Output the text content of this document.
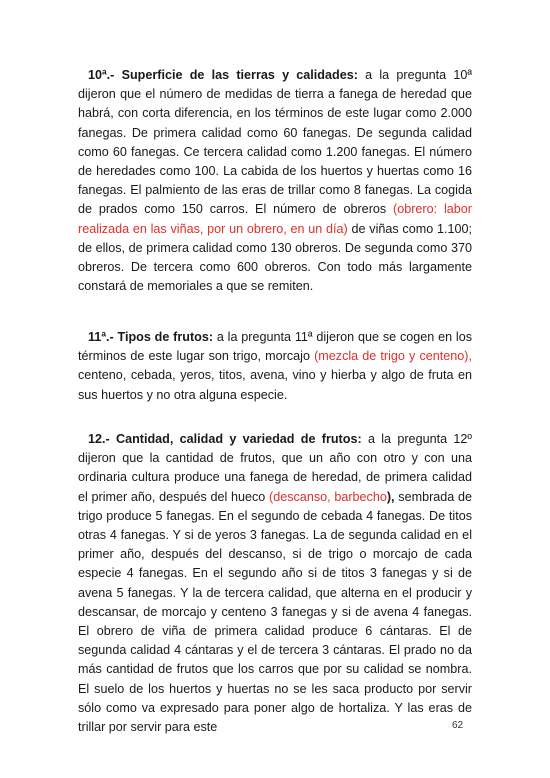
10ª.- Superficie de las tierras y calidades: a la pregunta 10ª dijeron que el número de medidas de tierra a fanega de heredad que habrá, con corta diferencia, en los términos de este lugar como 2.000 fanegas. De primera calidad como 60 fanegas. De segunda calidad como 60 fanegas. Ce tercera calidad como 1.200 fanegas. El número de heredades como 100. La cabida de los huertos y huertas como 16 fanegas. El palmiento de las eras de trillar como 8 fanegas. La cogida de prados como 150 carros. El número de obreros (obrero: labor realizada en las viñas, por un obrero, en un día) de viñas como 1.100; de ellos, de primera calidad como 130 obreros. De segunda como 370 obreros. De tercera como 600 obreros. Con todo más largamente constará de memoriales a que se remiten.

11ª.- Tipos de frutos: a la pregunta 11ª dijeron que se cogen en los términos de este lugar son trigo, morcajo (mezcla de trigo y centeno), centeno, cebada, yeros, titos, avena, vino y hierba y algo de fruta en sus huertos y no otra alguna especie.

12.- Cantidad, calidad y variedad de frutos: a la pregunta 12º dijeron que la cantidad de frutos, que un año con otro y con una ordinaria cultura produce una fanega de heredad, de primera calidad el primer año, después del hueco (descanso, barbecho), sembrada de trigo produce 5 fanegas. En el segundo de cebada 4 fanegas. De titos otras 4 fanegas. Y si de yeros 3 fanegas. La de segunda calidad en el primer año, después del descanso, si de trigo o morcajo de cada especie 4 fanegas. En el segundo año si de titos 3 fanegas y si de avena 5 fanegas. Y la de tercera calidad, que alterna en el producir y descansar, de morcajo y centeno 3 fanegas y si de avena 4 fanegas. El obrero de viña de primera calidad produce 6 cántaras. El de segunda calidad 4 cántaras y el de tercera 3 cántaras. El prado no da más cantidad de frutos que los carros que por su calidad se nombra. El suelo de los huertos y huertas no se les saca producto por servir sólo como va expresado para poner algo de hortaliza. Y las eras de trillar por servir para este	62
